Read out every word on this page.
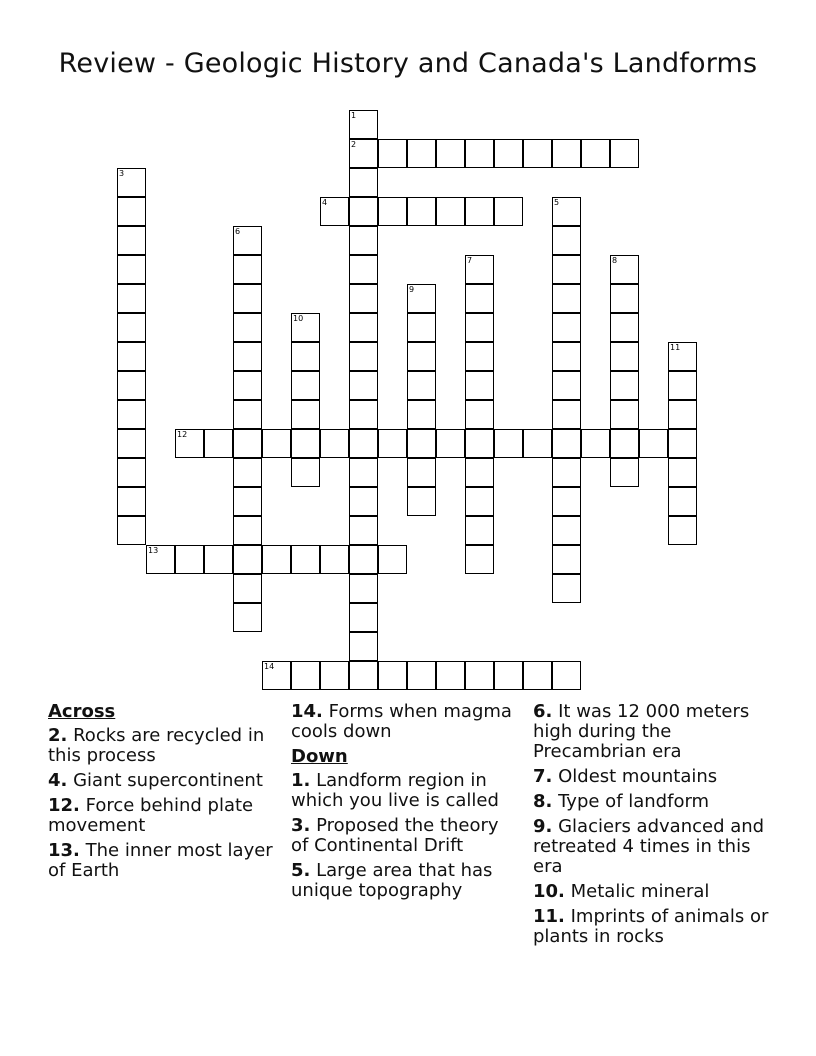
Review - Geologic History and Canada's Landforms
1
2
3
4	5
6
7	8
9
10
11
12
13
14
Across
2. Rocks are recycled in this process
4. Giant supercontinent
12. Force behind plate movement
13. The inner most layer of Earth
14. Forms when magma cools down
Down
1. Landform region in which you live is called
3. Proposed the theory of Continental Drift
5. Large area that has unique topography
6. It was 12 000 meters high during the Precambrian era
7. Oldest mountains
8. Type of landform
9. Glaciers advanced and retreated 4 times in this era
10. Metalic mineral
11. Imprints of animals or plants in rocks
